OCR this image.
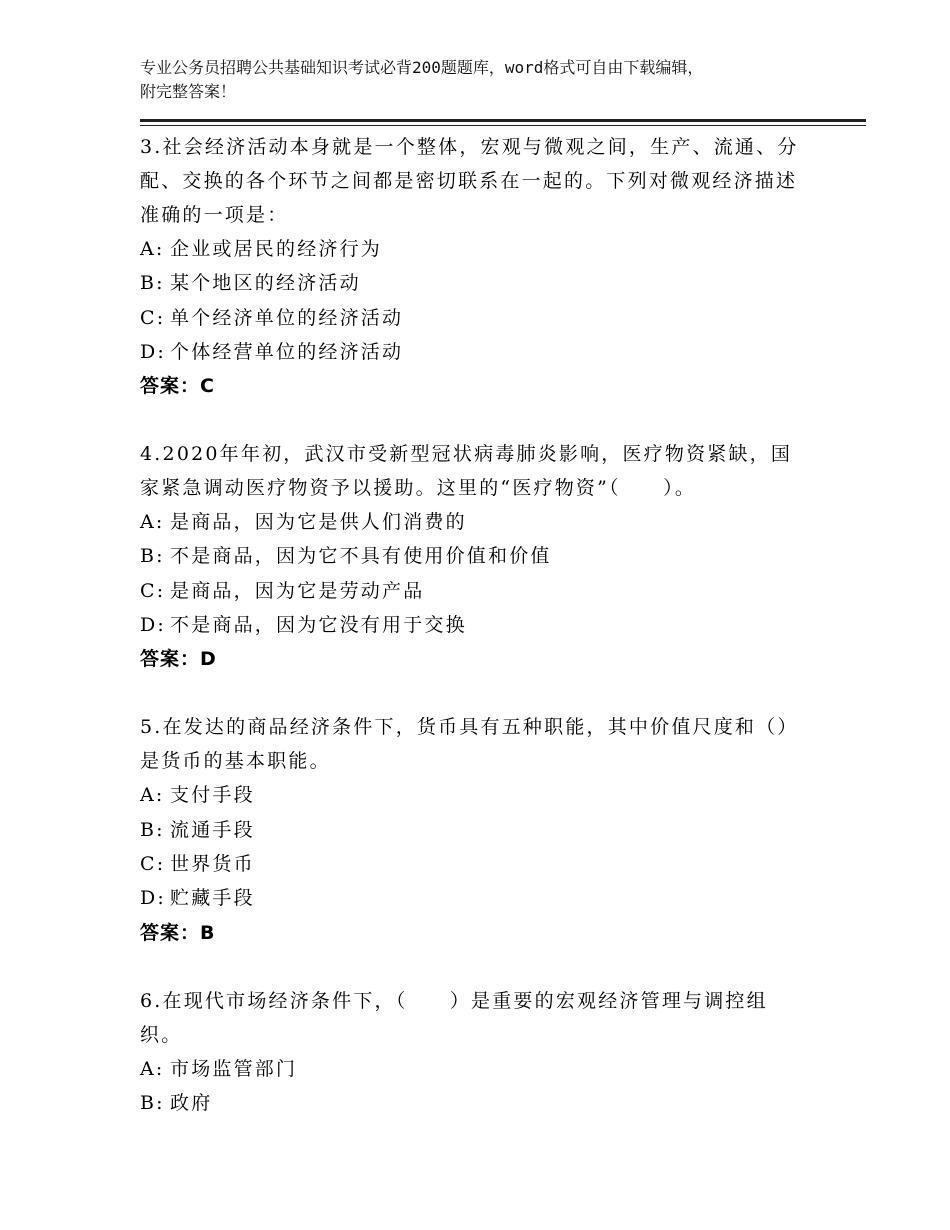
专业公务员招聘公共基础知识考试必背200题题库，word格式可自由下载编辑，
附完整答案！

3.社会经济活动本身就是一个整体，宏观与微观之间，生产、流通、分配、交换的各个环节之间都是密切联系在一起的。下列对微观经济描述准确的一项是：

A: 企业或居民的经济行为

B: 某个地区的经济活动

C: 单个经济单位的经济活动

D: 个体经营单位的经济活动

答案：C

4.2020年年初，武汉市受新型冠状病毒肺炎影响，医疗物资紧缺，国家紧急调动医疗物资予以援助。这里的“医疗物资”（　　）。

A: 是商品，因为它是供人们消费的

B: 不是商品，因为它不具有使用价值和价值

C: 是商品，因为它是劳动产品

D: 不是商品，因为它没有用于交换

答案：D

5.在发达的商品经济条件下，货币具有五种职能，其中价值尺度和（）是货币的基本职能。

A: 支付手段

B: 流通手段

C: 世界货币

D: 贮藏手段

答案：B

6.在现代市场经济条件下，（　　）是重要的宏观经济管理与调控组织。

A: 市场监管部门

B: 政府
